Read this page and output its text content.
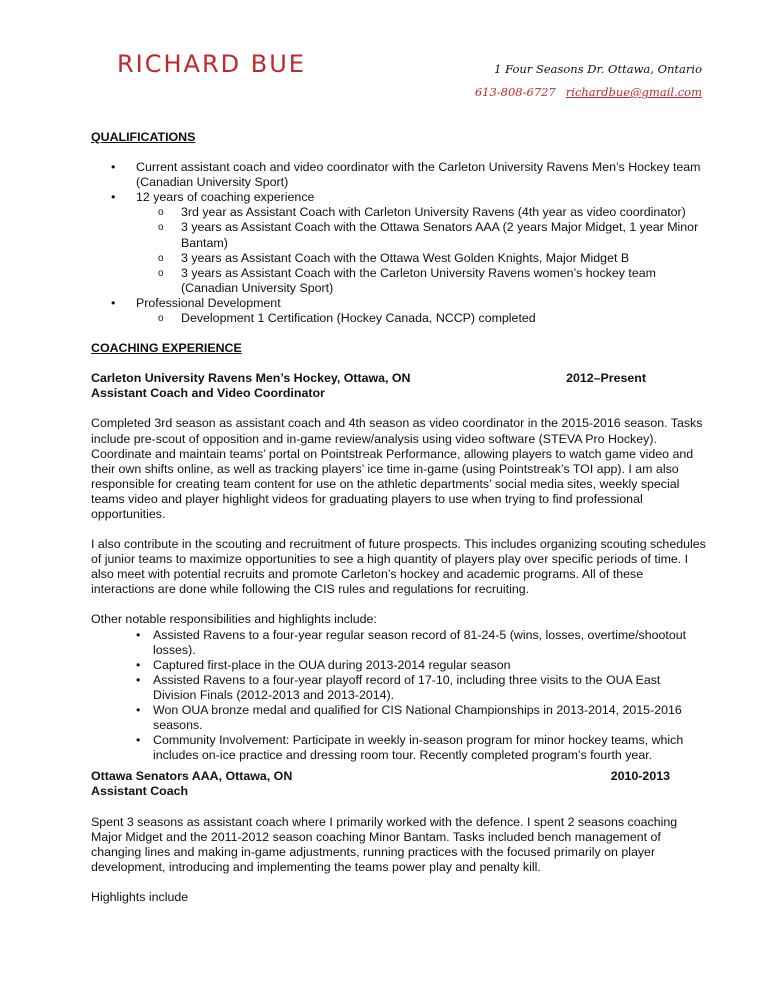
RICHARD BUE	1 Four Seasons Dr. Ottawa, Ontario
613-808-6727 richardbue@gmail.com

QUALIFICATIONS

• Current assistant coach and video coordinator with the Carleton University Ravens Men’s Hockey team (Canadian University Sport)
• 12 years of coaching experience
o 3rd year as Assistant Coach with Carleton University Ravens (4th year as video coordinator)
o 3 years as Assistant Coach with the Ottawa Senators AAA (2 years Major Midget, 1 year Minor Bantam)
o 3 years as Assistant Coach with the Ottawa West Golden Knights, Major Midget B
o 3 years as Assistant Coach with the Carleton University Ravens women’s hockey team (Canadian University Sport)
• Professional Development
o Development 1 Certification (Hockey Canada, NCCP) completed

COACHING EXPERIENCE

Carleton University Ravens Men’s Hockey, Ottawa, ON	2012–Present
Assistant Coach and Video Coordinator

Completed 3rd season as assistant coach and 4th season as video coordinator in the 2015-2016 season. Tasks include pre-scout of opposition and in-game review/analysis using video software (STEVA Pro Hockey). Coordinate and maintain teams’ portal on Pointstreak Performance, allowing players to watch game video and their own shifts online, as well as tracking players’ ice time in-game (using Pointstreak’s TOI app). I am also responsible for creating team content for use on the athletic departments’ social media sites, weekly special teams video and player highlight videos for graduating players to use when trying to find professional opportunities.

I also contribute in the scouting and recruitment of future prospects. This includes organizing scouting schedules of junior teams to maximize opportunities to see a high quantity of players play over specific periods of time. I also meet with potential recruits and promote Carleton’s hockey and academic programs. All of these interactions are done while following the CIS rules and regulations for recruiting.

Other notable responsibilities and highlights include:

• Assisted Ravens to a four-year regular season record of 81-24-5 (wins, losses, overtime/shootout losses).
• Captured first-place in the OUA during 2013-2014 regular season
• Assisted Ravens to a four-year playoff record of 17-10, including three visits to the OUA East Division Finals (2012-2013 and 2013-2014).
• Won OUA bronze medal and qualified for CIS National Championships in 2013-2014, 2015-2016 seasons.
• Community Involvement: Participate in weekly in-season program for minor hockey teams, which includes on-ice practice and dressing room tour. Recently completed program’s fourth year.
Ottawa Senators AAA, Ottawa, ON	2010-2013
Assistant Coach

Spent 3 seasons as assistant coach where I primarily worked with the defence. I spent 2 seasons coaching Major Midget and the 2011-2012 season coaching Minor Bantam. Tasks included bench management of changing lines and making in-game adjustments, running practices with the focused primarily on player development, introducing and implementing the teams power play and penalty kill.

Highlights include
